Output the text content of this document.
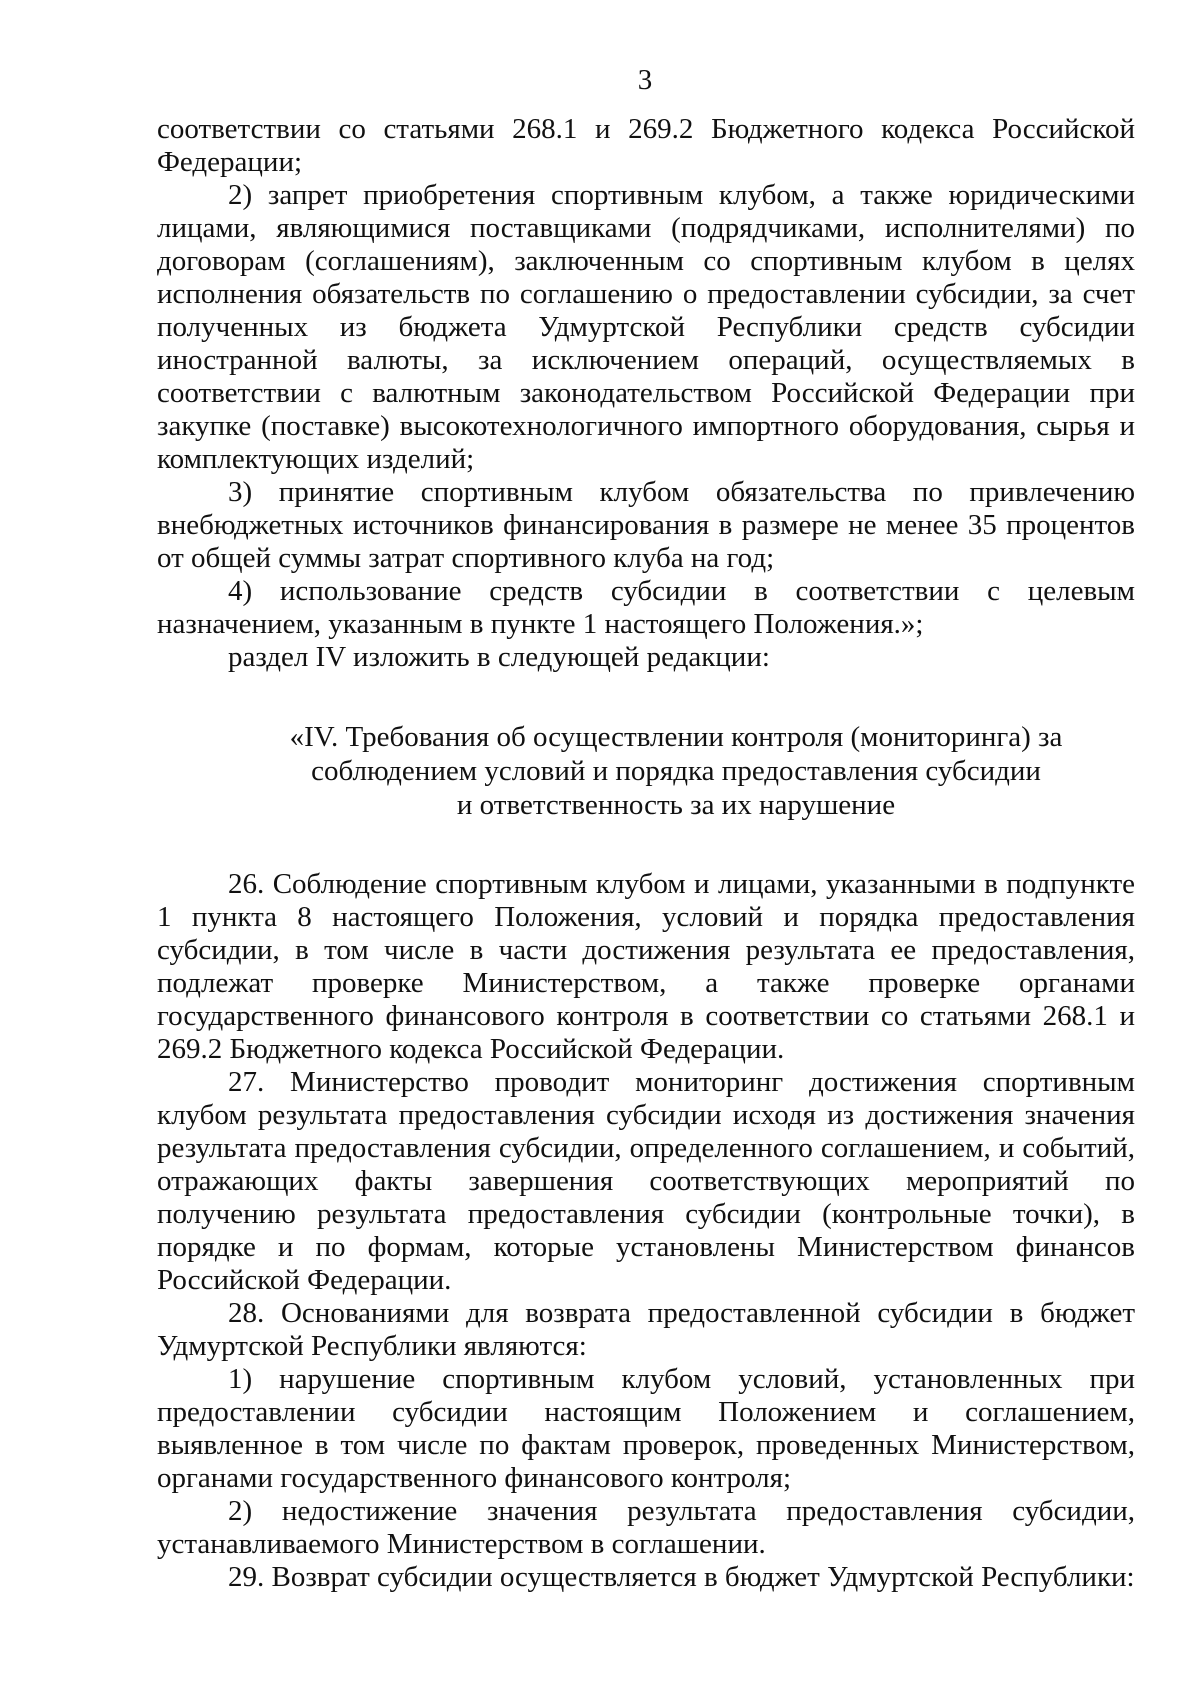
3

соответствии со статьями 268.1 и 269.2 Бюджетного кодекса Российской Федерации;

2) запрет приобретения спортивным клубом, а также юридическими лицами, являющимися поставщиками (подрядчиками, исполнителями) по договорам (соглашениям), заключенным со спортивным клубом в целях исполнения обязательств по соглашению о предоставлении субсидии, за счет полученных из бюджета Удмуртской Республики средств субсидии иностранной валюты, за исключением операций, осуществляемых в соответствии с валютным законодательством Российской Федерации при закупке (поставке) высокотехнологичного импортного оборудования, сырья и комплектующих изделий;

3) принятие спортивным клубом обязательства по привлечению внебюджетных источников финансирования в размере не менее 35 процентов от общей суммы затрат спортивного клуба на год;

4) использование средств субсидии в соответствии с целевым назначением, указанным в пункте 1 настоящего Положения.»;

раздел IV изложить в следующей редакции:

«IV. Требования об осуществлении контроля (мониторинга) за
соблюдением условий и порядка предоставления субсидии
и ответственность за их нарушение

26. Соблюдение спортивным клубом и лицами, указанными в подпункте 1 пункта 8 настоящего Положения, условий и порядка предоставления субсидии, в том числе в части достижения результата ее предоставления, подлежат проверке Министерством, а также проверке органами государственного финансового контроля в соответствии со статьями 268.1 и 269.2 Бюджетного кодекса Российской Федерации.

27. Министерство проводит мониторинг достижения спортивным клубом результата предоставления субсидии исходя из достижения значения результата предоставления субсидии, определенного соглашением, и событий, отражающих факты завершения соответствующих мероприятий по получению результата предоставления субсидии (контрольные точки), в порядке и по формам, которые установлены Министерством финансов Российской Федерации.

28. Основаниями для возврата предоставленной субсидии в бюджет Удмуртской Республики являются:

1) нарушение спортивным клубом условий, установленных при предоставлении субсидии настоящим Положением и соглашением, выявленное в том числе по фактам проверок, проведенных Министерством, органами государственного финансового контроля;

2) недостижение значения результата предоставления субсидии, устанавливаемого Министерством в соглашении.

29. Возврат субсидии осуществляется в бюджет Удмуртской Республики:
